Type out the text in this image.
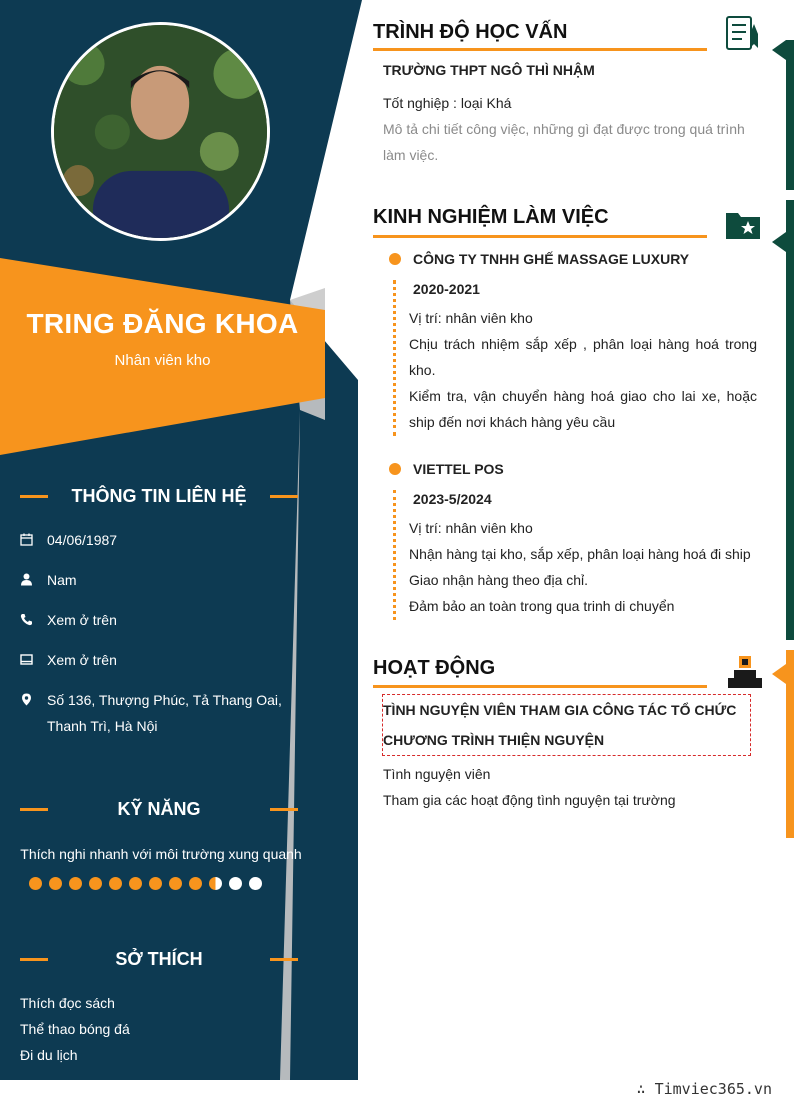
TRING ĐĂNG KHOA
Nhân viên kho
THÔNG TIN LIÊN HỆ
04/06/1987
Nam
Xem ở trên
Xem ở trên
Số 136, Thượng Phúc, Tả Thang Oai,
Thanh Trì, Hà Nội
KỸ NĂNG
Thích nghi nhanh với môi trường xung quanh
SỞ THÍCH
Thích đọc sách
Thể thao bóng đá
Đi du lịch
TRÌNH ĐỘ HỌC VẤN
TRƯỜNG THPT NGÔ THÌ NHẬM
Tốt nghiệp : loại Khá
Mô tả chi tiết công việc, những gì đạt được trong quá trình
làm việc.
KINH NGHIỆM LÀM VIỆC
CÔNG TY TNHH GHẾ MASSAGE LUXURY
2020-2021
Vị trí: nhân viên kho
Chịu trách nhiệm sắp xếp , phân loại hàng hoá trong
kho.
Kiểm tra, vận chuyển hàng hoá giao cho lai xe, hoặc
ship đến nơi khách hàng yêu cầu
VIETTEL POS
2023-5/2024
Vị trí: nhân viên kho
Nhận hàng tại kho, sắp xếp, phân loại hàng hoá đi ship
Giao nhận hàng theo địa chỉ.
Đảm bảo an toàn trong qua trinh di chuyển
HOẠT ĐỘNG
TÌNH NGUYỆN VIÊN THAM GIA CÔNG TÁC TỔ CHỨC
CHƯƠNG TRÌNH THIỆN NGUYỆN
Tình nguyện viên
Tham gia các hoạt động tình nguyện tại trường
∴ Timviec365.vn
